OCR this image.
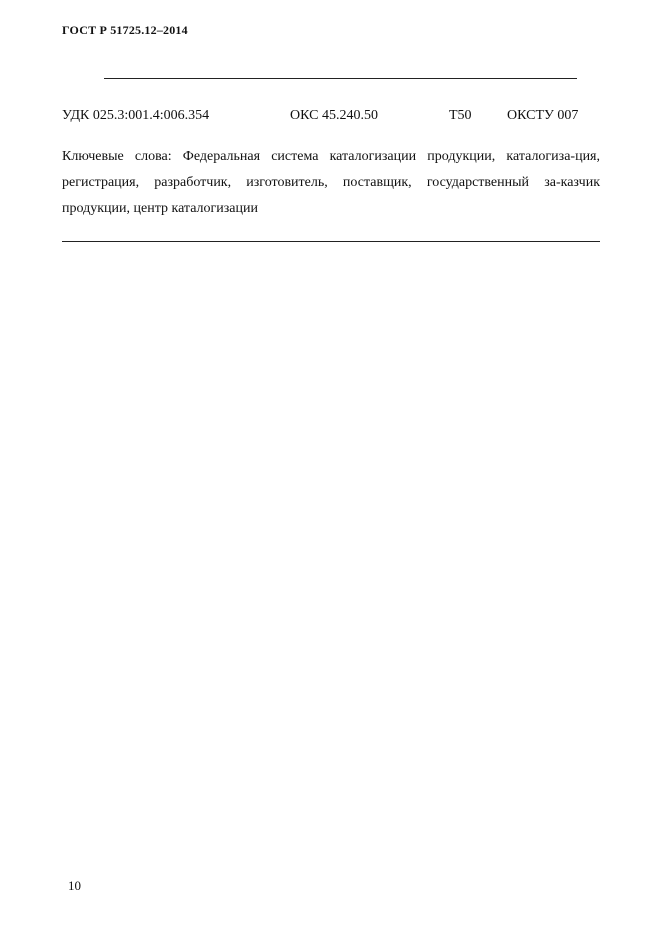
ГОСТ Р 51725.12–2014
УДК 025.3:001.4:006.354	ОКС 45.240.50	Т50	ОКСТУ 007

Ключевые слова: Федеральная система каталогизации продукции, каталогиза-ция, регистрация, разработчик, изготовитель, поставщик, государственный за-казчик продукции, центр каталогизации

10
